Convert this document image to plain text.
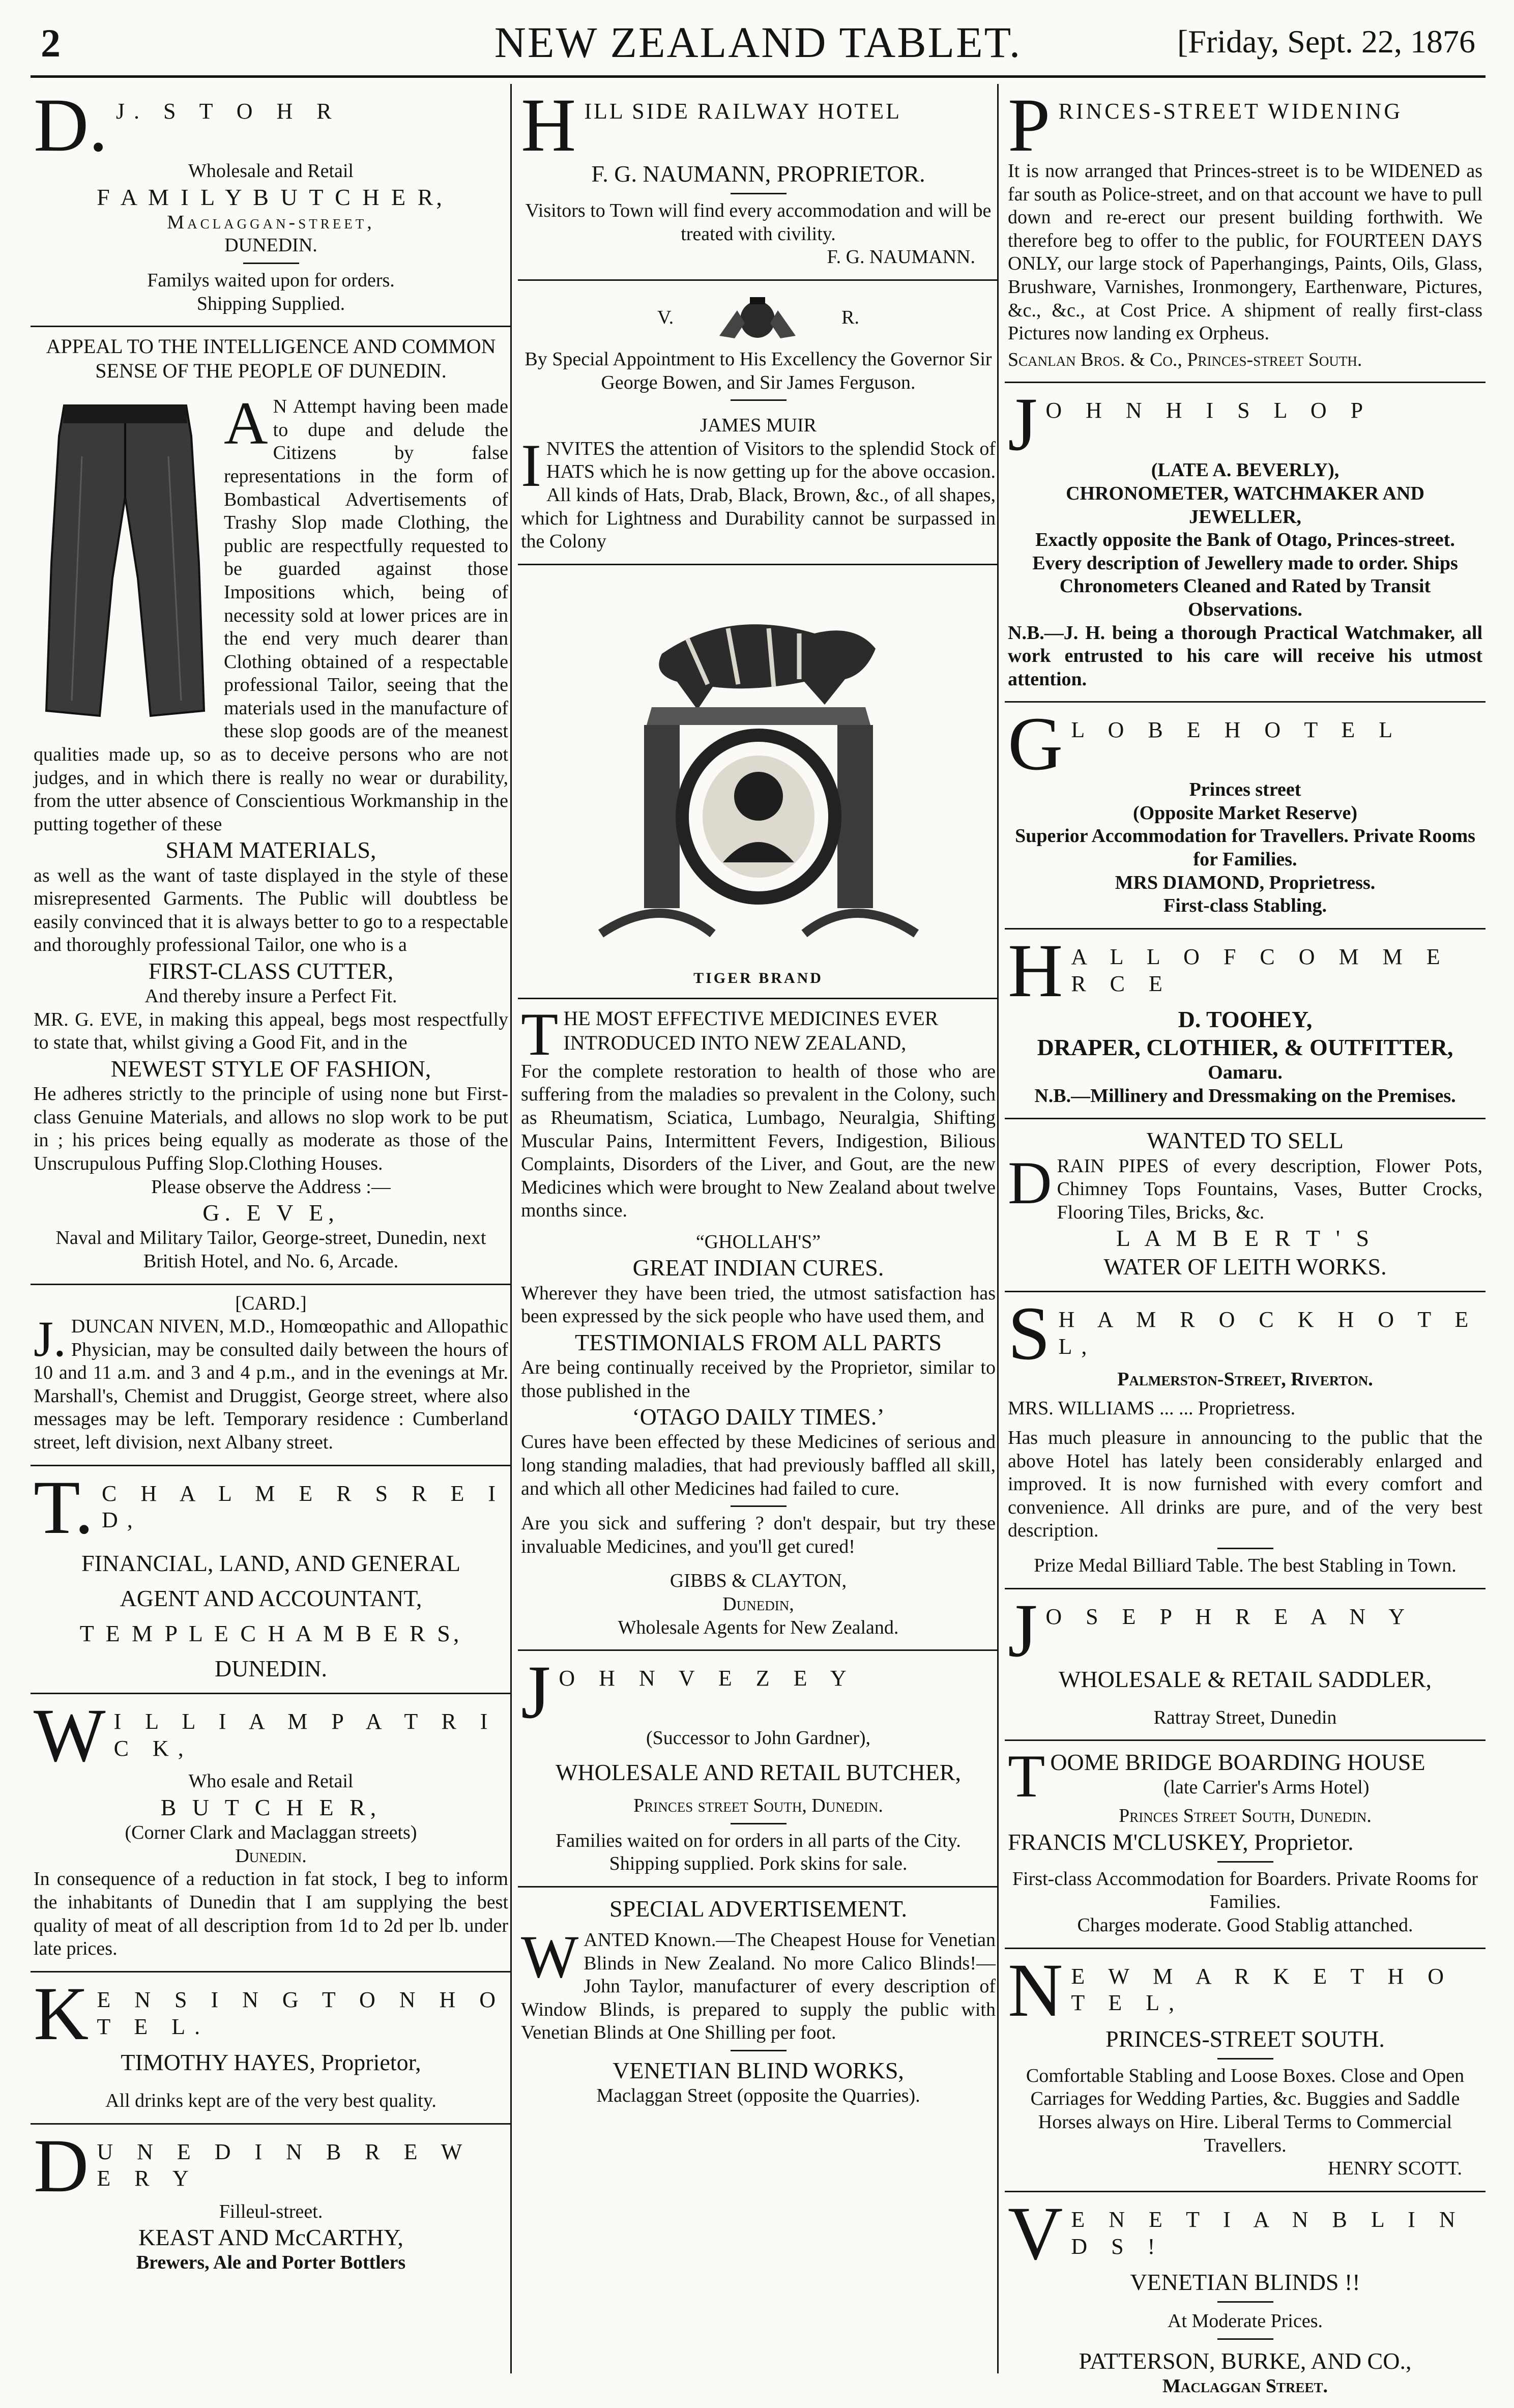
2	NEW ZEALAND TABLET.	[Friday, Sept. 22, 1876
D. J. S T O H R
Wholesale and Retail
F A M I L Y B U T C H E R,
Maclaggan-street,
DUNEDIN.
Familys waited upon for orders.
Shipping Supplied.
APPEAL TO THE INTELLIGENCE AND COMMON SENSE OF THE PEOPLE OF DUNEDIN.
A N Attempt having been made to dupe and delude the Citizens by false representations in the form of Bombastical Advertisements of Trashy Slop made Clothing, the public are respectfully requested to be guarded against those Impositions which, being of necessity sold at lower prices are in the end very much dearer than Clothing obtained of a respectable professional Tailor, seeing that the materials used in the manufacture of these slop goods are of the meanest qualities made up, so as to deceive persons who are not judges, and in which there is really no wear or durability, from the utter absence of Conscientious Workmanship in the putting together of these
SHAM MATERIALS,

as well as the want of taste displayed in the style of these misrepresented Garments. The Public will doubtless be easily convinced that it is always better to go to a respectable and thoroughly professional Tailor, one who is a

FIRST-CLASS CUTTER,
And thereby insure a Perfect Fit.

MR. G. EVE, in making this appeal, begs most respectfully to state that, whilst giving a Good Fit, and in the

NEWEST STYLE OF FASHION,

He adheres strictly to the principle of using none but First-class Genuine Materials, and allows no slop work to be put in ; his prices being equally as moderate as those of the Unscrupulous Puffing Slop.Clothing Houses.

Please observe the Address :—
G. E V E,
Naval and Military Tailor, George-street, Dunedin, next British Hotel, and No. 6, Arcade.
[CARD.]

J. DUNCAN NIVEN, M.D., Homœopathic and Allopathic Physician, may be consulted daily between the hours of 10 and 11 a.m. and 3 and 4 p.m., and in the evenings at Mr. Marshall's, Chemist and Druggist, George street, where also messages may be left. Temporary residence : Cumberland street, left division, next Albany street.

T. C H A L M E R S R E I D,
FINANCIAL, LAND, AND GENERAL
AGENT AND ACCOUNTANT,
T E M P L E C H A M B E R S,
DUNEDIN.
W I L L I A M P A T R I C K,
Who esale and Retail
B U T C H E R,
(Corner Clark and Maclaggan streets)
Dunedin.

In consequence of a reduction in fat stock, I beg to inform the inhabitants of Dunedin that I am supplying the best quality of meat of all description from 1d to 2d per lb. under late prices.

K E N S I N G T O N H O T E L.
TIMOTHY HAYES, Proprietor,
All drinks kept are of the very best quality.
D U N E D I N B R E W E R Y
Filleul-street.
KEAST AND McCARTHY,
Brewers, Ale and Porter Bottlers
H ILL SIDE RAILWAY HOTEL
F. G. NAUMANN, PROPRIETOR.
Visitors to Town will find every accommodation and will be treated with civility.
F. G. NAUMANN.
V.	R.
By Special Appointment to His Excellency the Governor Sir George Bowen, and Sir James Ferguson.
JAMES MUIR

I NVITES the attention of Visitors to the splendid Stock of HATS which he is now getting up for the above occasion. All kinds of Hats, Drab, Black, Brown, &c., of all shapes, which for Lightness and Durability cannot be surpassed in the Colony

TIGER BRAND
T HE MOST EFFECTIVE MEDICINES EVER INTRODUCED INTO NEW ZEALAND,

For the complete restoration to health of those who are suffering from the maladies so prevalent in the Colony, such as Rheumatism, Sciatica, Lumbago, Neuralgia, Shifting Muscular Pains, Intermittent Fevers, Indigestion, Bilious Complaints, Disorders of the Liver, and Gout, are the new Medicines which were brought to New Zealand about twelve months since.

“GHOLLAH'S”
GREAT INDIAN CURES.

Wherever they have been tried, the utmost satisfaction has been expressed by the sick people who have used them, and

TESTIMONIALS FROM ALL PARTS

Are being continually received by the Proprietor, similar to those published in the

‘OTAGO DAILY TIMES.’

Cures have been effected by these Medicines of serious and long standing maladies, that had previously baffled all skill, and which all other Medicines had failed to cure.

Are you sick and suffering ? don't despair, but try these invaluable Medicines, and you'll get cured!

GIBBS & CLAYTON,
Dunedin,
Wholesale Agents for New Zealand.
J O H N V E Z E Y
(Successor to John Gardner),
WHOLESALE AND RETAIL BUTCHER,
Princes street South, Dunedin.
Families waited on for orders in all parts of the City.
Shipping supplied. Pork skins for sale.
SPECIAL ADVERTISEMENT.

W ANTED Known.—The Cheapest House for Venetian Blinds in New Zealand. No more Calico Blinds!—John Taylor, manufacturer of every description of Window Blinds, is prepared to supply the public with Venetian Blinds at One Shilling per foot.

VENETIAN BLIND WORKS,
Maclaggan Street (opposite the Quarries).
P RINCES-STREET WIDENING

It is now arranged that Princes-street is to be WIDENED as far south as Police-street, and on that account we have to pull down and re-erect our present building forthwith. We therefore beg to offer to the public, for FOURTEEN DAYS ONLY, our large stock of Paperhangings, Paints, Oils, Glass, Brushware, Varnishes, Ironmongery, Earthenware, Pictures, &c., &c., at Cost Price. A shipment of really first-class Pictures now landing ex Orpheus.

Scanlan Bros. & Co., Princes-street South.
J O H N H I S L O P
(LATE A. BEVERLY),
CHRONOMETER, WATCHMAKER AND JEWELLER,
Exactly opposite the Bank of Otago, Princes-street.
Every description of Jewellery made to order. Ships Chronometers Cleaned and Rated by Transit Observations.

N.B.—J. H. being a thorough Practical Watchmaker, all work entrusted to his care will receive his utmost attention.

G L O B E H O T E L
Princes street
(Opposite Market Reserve)
Superior Accommodation for Travellers. Private Rooms for Families.
MRS DIAMOND, Proprietress.
First-class Stabling.
H A L L O F C O M M E R C E
D. TOOHEY,
DRAPER, CLOTHIER, & OUTFITTER,
Oamaru.
N.B.—Millinery and Dressmaking on the Premises.
WANTED TO SELL

D RAIN PIPES of every description, Flower Pots, Chimney Tops Fountains, Vases, Butter Crocks, Flooring Tiles, Bricks, &c.

L A M B E R T ' S
WATER OF LEITH WORKS.
S H A M R O C K H O T E L,
Palmerston-Street, Riverton.
MRS. WILLIAMS ... ... Proprietress.

Has much pleasure in announcing to the public that the above Hotel has lately been considerably enlarged and improved. It is now furnished with every comfort and convenience. All drinks are pure, and of the very best description.

Prize Medal Billiard Table. The best Stabling in Town.
J O S E P H R E A N Y
WHOLESALE & RETAIL SADDLER,
Rattray Street, Dunedin
T OOME BRIDGE BOARDING HOUSE
(late Carrier's Arms Hotel)
Princes Street South, Dunedin.
FRANCIS M'CLUSKEY, Proprietor.
First-class Accommodation for Boarders. Private Rooms for Families.
Charges moderate. Good Stablig attanched.
N E W M A R K E T H O T E L,
PRINCES-STREET SOUTH.
Comfortable Stabling and Loose Boxes. Close and Open Carriages for Wedding Parties, &c. Buggies and Saddle Horses always on Hire. Liberal Terms to Commercial Travellers.
HENRY SCOTT.
V E N E T I A N B L I N D S !
VENETIAN BLINDS !!
At Moderate Prices.
PATTERSON, BURKE, AND CO.,
Maclaggan Street.
